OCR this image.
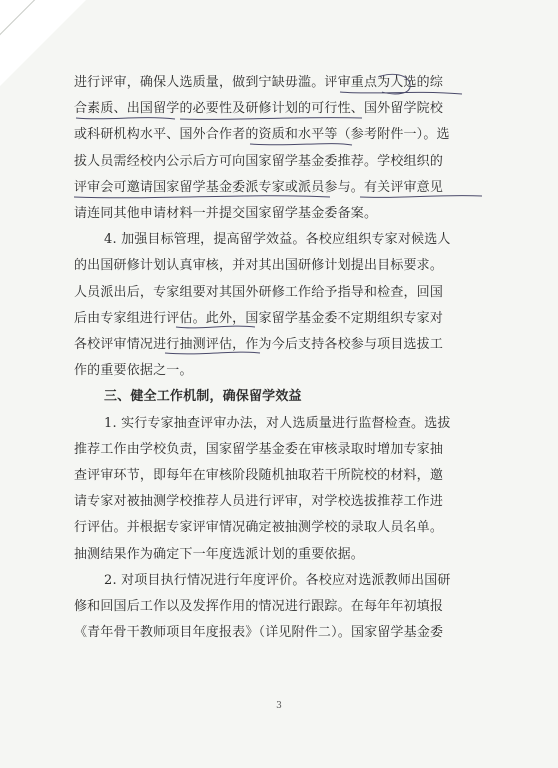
进行评审，确保人选质量，做到宁缺毋滥。评审重点为人选的综
合素质、出国留学的必要性及研修计划的可行性、国外留学院校
或科研机构水平、国外合作者的资质和水平等（参考附件一）。选
拔人员需经校内公示后方可向国家留学基金委推荐。学校组织的
评审会可邀请国家留学基金委派专家或派员参与。有关评审意见
请连同其他申请材料一并提交国家留学基金委备案。
4. 加强目标管理，提高留学效益。各校应组织专家对候选人
的出国研修计划认真审核，并对其出国研修计划提出目标要求。
人员派出后，专家组要对其国外研修工作给予指导和检查，回国
后由专家组进行评估。此外，国家留学基金委不定期组织专家对
各校评审情况进行抽测评估，作为今后支持各校参与项目选拔工
作的重要依据之一。
三、健全工作机制，确保留学效益
1. 实行专家抽查评审办法，对人选质量进行监督检查。选拔
推荐工作由学校负责，国家留学基金委在审核录取时增加专家抽
查评审环节，即每年在审核阶段随机抽取若干所院校的材料，邀
请专家对被抽测学校推荐人员进行评审，对学校选拔推荐工作进
行评估。并根据专家评审情况确定被抽测学校的录取人员名单。
抽测结果作为确定下一年度选派计划的重要依据。
2. 对项目执行情况进行年度评价。各校应对选派教师出国研
修和回国后工作以及发挥作用的情况进行跟踪。在每年年初填报
《青年骨干教师项目年度报表》（详见附件二）。国家留学基金委
3
